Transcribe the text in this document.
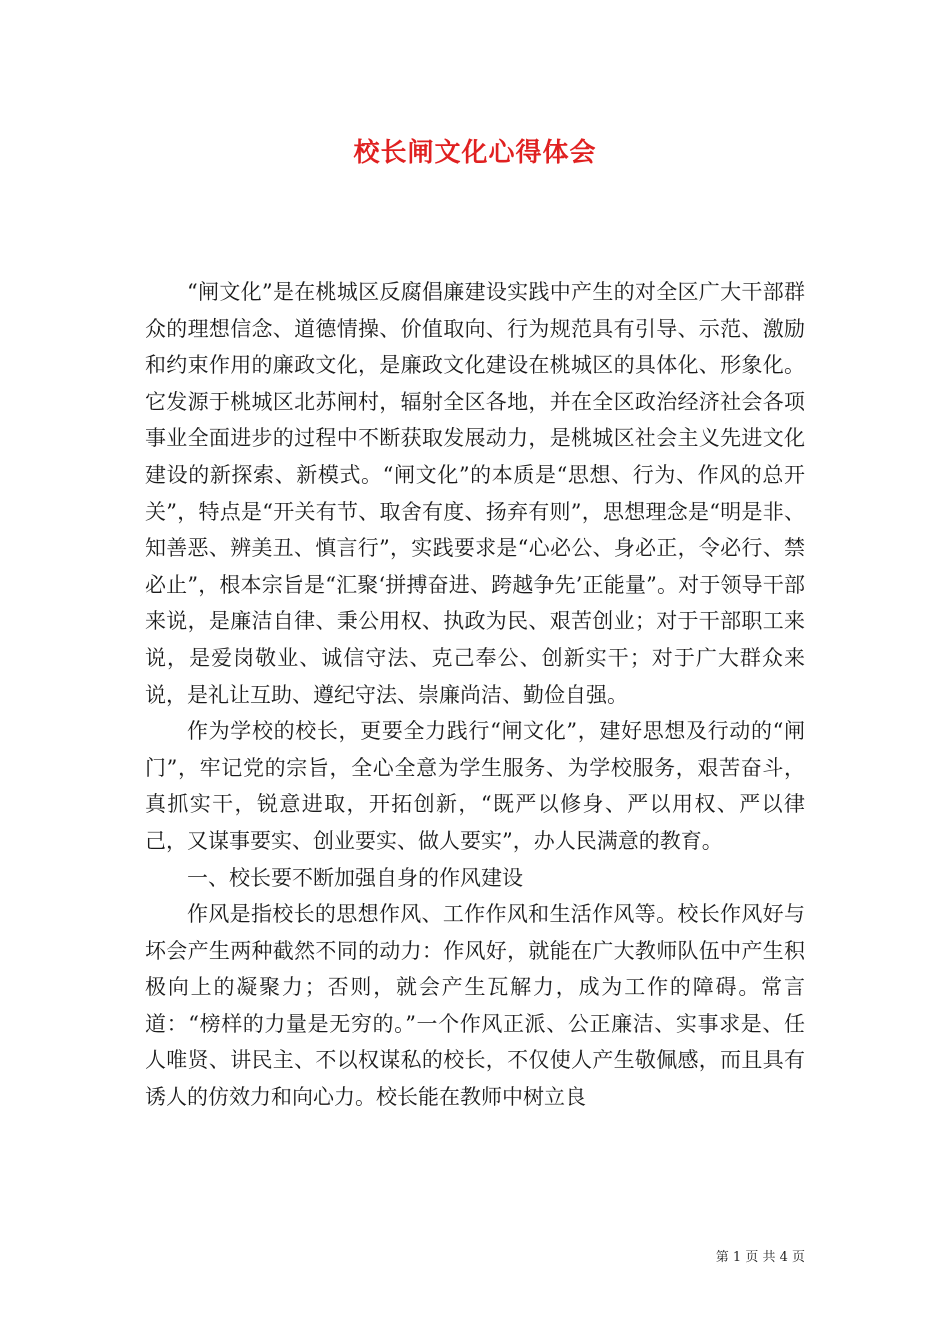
校长闸文化心得体会

“闸文化”是在桃城区反腐倡廉建设实践中产生的对全区广大干部群众的理想信念、道德情操、价值取向、行为规范具有引导、示范、激励和约束作用的廉政文化，是廉政文化建设在桃城区的具体化、形象化。它发源于桃城区北苏闸村，辐射全区各地，并在全区政治经济社会各项事业全面进步的过程中不断获取发展动力，是桃城区社会主义先进文化建设的新探索、新模式。“闸文化”的本质是“思想、行为、作风的总开关”，特点是“开关有节、取舍有度、扬弃有则”，思想理念是“明是非、知善恶、辨美丑、慎言行”，实践要求是“心必公、身必正，令必行、禁必止”，根本宗旨是“汇聚‘拼搏奋进、跨越争先’正能量”。对于领导干部来说，是廉洁自律、秉公用权、执政为民、艰苦创业；对于干部职工来说，是爱岗敬业、诚信守法、克己奉公、创新实干；对于广大群众来说，是礼让互助、遵纪守法、崇廉尚洁、勤俭自强。

作为学校的校长，更要全力践行“闸文化”，建好思想及行动的“闸门”，牢记党的宗旨，全心全意为学生服务、为学校服务，艰苦奋斗，真抓实干，锐意进取，开拓创新，“既严以修身、严以用权、严以律己，又谋事要实、创业要实、做人要实”，办人民满意的教育。

一、校长要不断加强自身的作风建设

作风是指校长的思想作风、工作作风和生活作风等。校长作风好与坏会产生两种截然不同的动力：作风好，就能在广大教师队伍中产生积极向上的凝聚力；否则，就会产生瓦解力，成为工作的障碍。常言道：“榜样的力量是无穷的。”一个作风正派、公正廉洁、实事求是、任人唯贤、讲民主、不以权谋私的校长，不仅使人产生敬佩感，而且具有诱人的仿效力和向心力。校长能在教师中树立良

第 1 页 共 4 页
